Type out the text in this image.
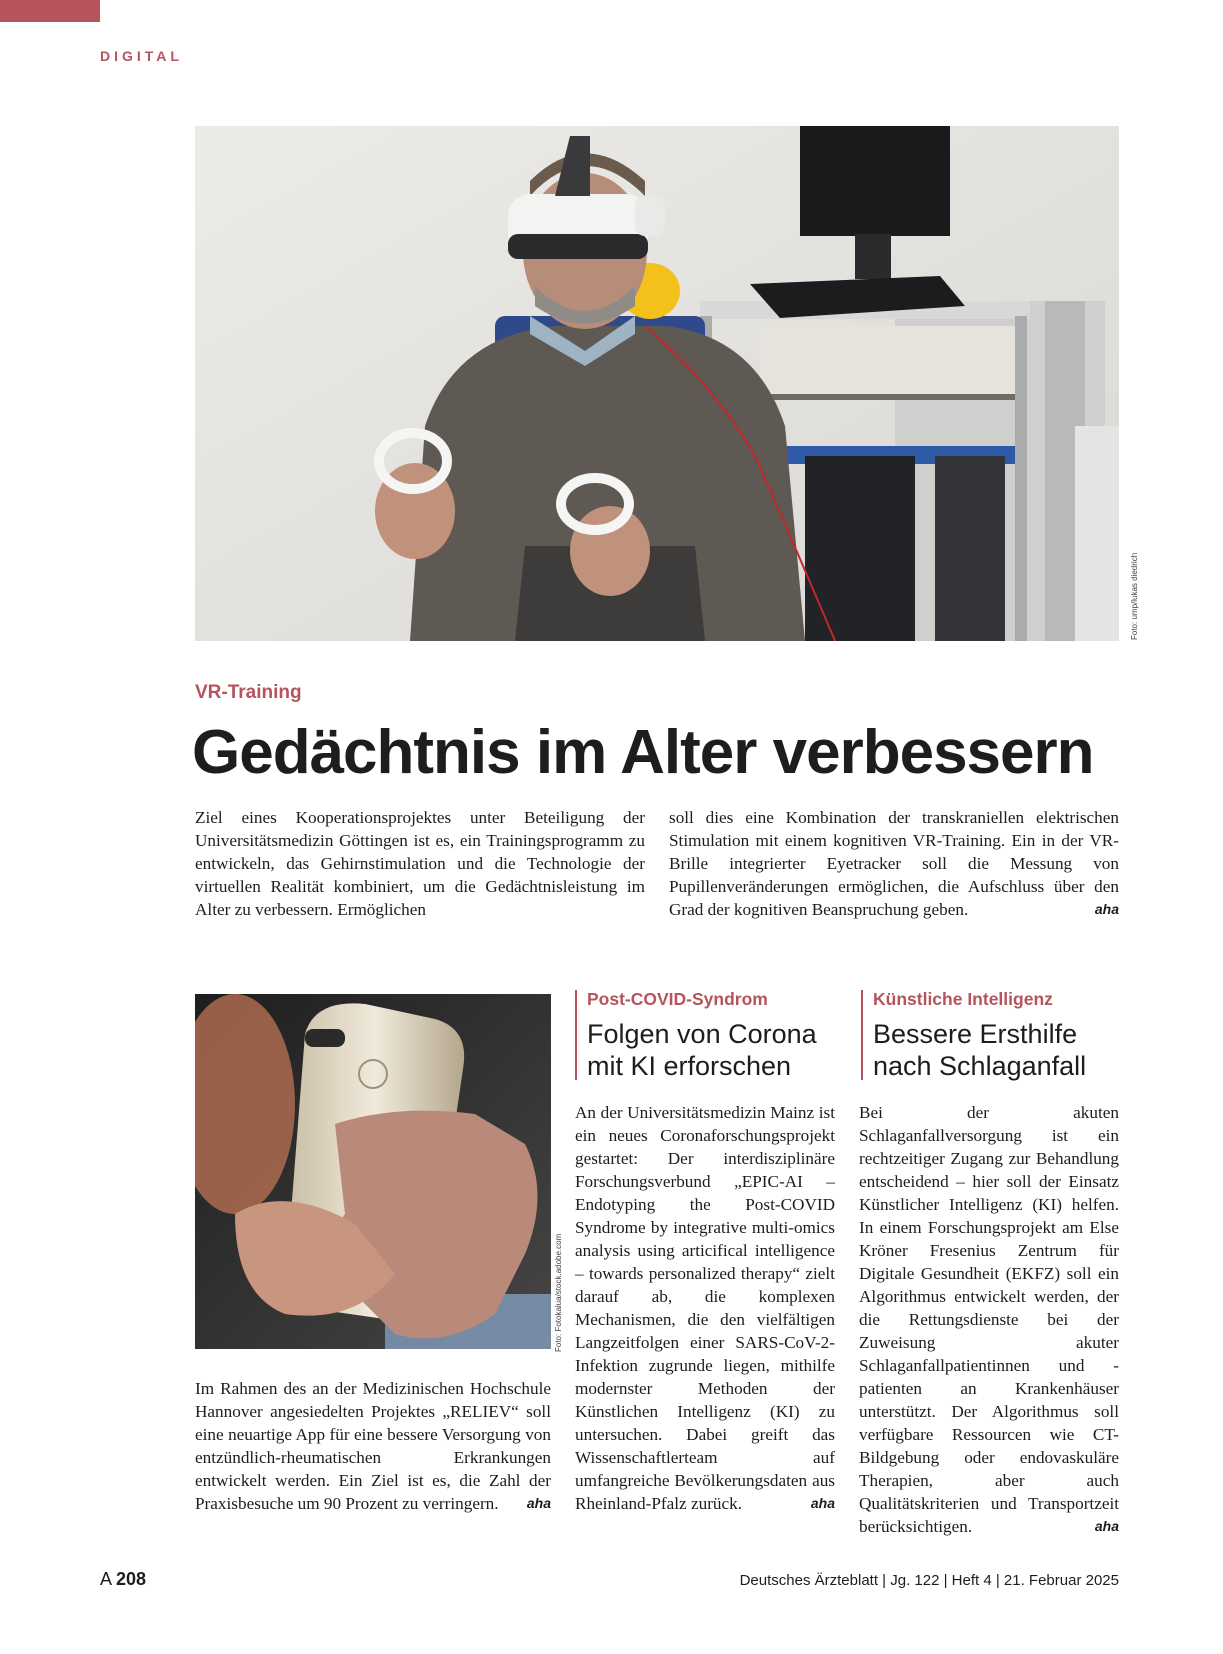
DIGITAL
Foto: ump/lukas diedrich
VR-Training
Gedächtnis im Alter verbessern
Ziel eines Kooperationsprojektes unter Beteiligung der Universitätsmedizin Göttingen ist es, ein Trainingsprogramm zu entwickeln, das Gehirnstimulation und die Technologie der virtuellen Realität kombiniert, um die Gedächtnisleistung im Alter zu verbessern. Ermöglichen
soll dies eine Kombination der transkraniellen elektrischen Stimulation mit einem kognitiven VR-Training. Ein in der VR-Brille integrierter Eyetracker soll die Messung von Pupillenveränderungen ermöglichen, die Aufschluss über den Grad der kognitiven Beanspruchung geben.	aha
Foto: Fotokalua/stock.adobe.com
Im Rahmen des an der Medizinischen Hochschule Hannover angesiedelten Projektes „RELIEV“ soll eine neuartige App für eine bessere Versorgung von entzündlich-rheumatischen Erkrankungen entwickelt werden. Ein Ziel ist es, die Zahl der Praxisbesuche um 90 Prozent zu verringern. aha
Post-COVID-Syndrom
Folgen von Corona
mit KI erforschen
An der Universitätsmedizin Mainz ist ein neues Coronaforschungsprojekt gestartet: Der interdisziplinäre Forschungsverbund „EPIC-AI – Endotyping the Post-COVID Syndrome by integrative multi-omics analysis using articifical intelligence – towards personalized therapy“ zielt darauf ab, die komplexen Mechanismen, die den vielfältigen Langzeitfolgen einer SARS-CoV-2-Infektion zugrunde liegen, mithilfe modernster Methoden der Künstlichen Intelligenz (KI) zu untersuchen. Dabei greift das Wissenschaftlerteam auf umfangreiche Bevölkerungsdaten aus Rheinland-Pfalz zurück.	aha
Künstliche Intelligenz
Bessere Ersthilfe
nach Schlaganfall
Bei der akuten Schlaganfallversorgung ist ein rechtzeitiger Zugang zur Behandlung entscheidend – hier soll der Einsatz Künstlicher Intelligenz (KI) helfen. In einem Forschungsprojekt am Else Kröner Fresenius Zentrum für Digitale Gesundheit (EKFZ) soll ein Algorithmus entwickelt werden, der die Rettungsdienste bei der Zuweisung akuter Schlaganfallpatientinnen und -patienten an Krankenhäuser unterstützt. Der Algorithmus soll verfügbare Ressourcen wie CT-Bildgebung oder endovaskuläre Therapien, aber auch Qualitätskriterien und Transportzeit berücksichtigen.	aha
A 208	Deutsches Ärzteblatt | Jg. 122 | Heft 4 | 21. Februar 2025
